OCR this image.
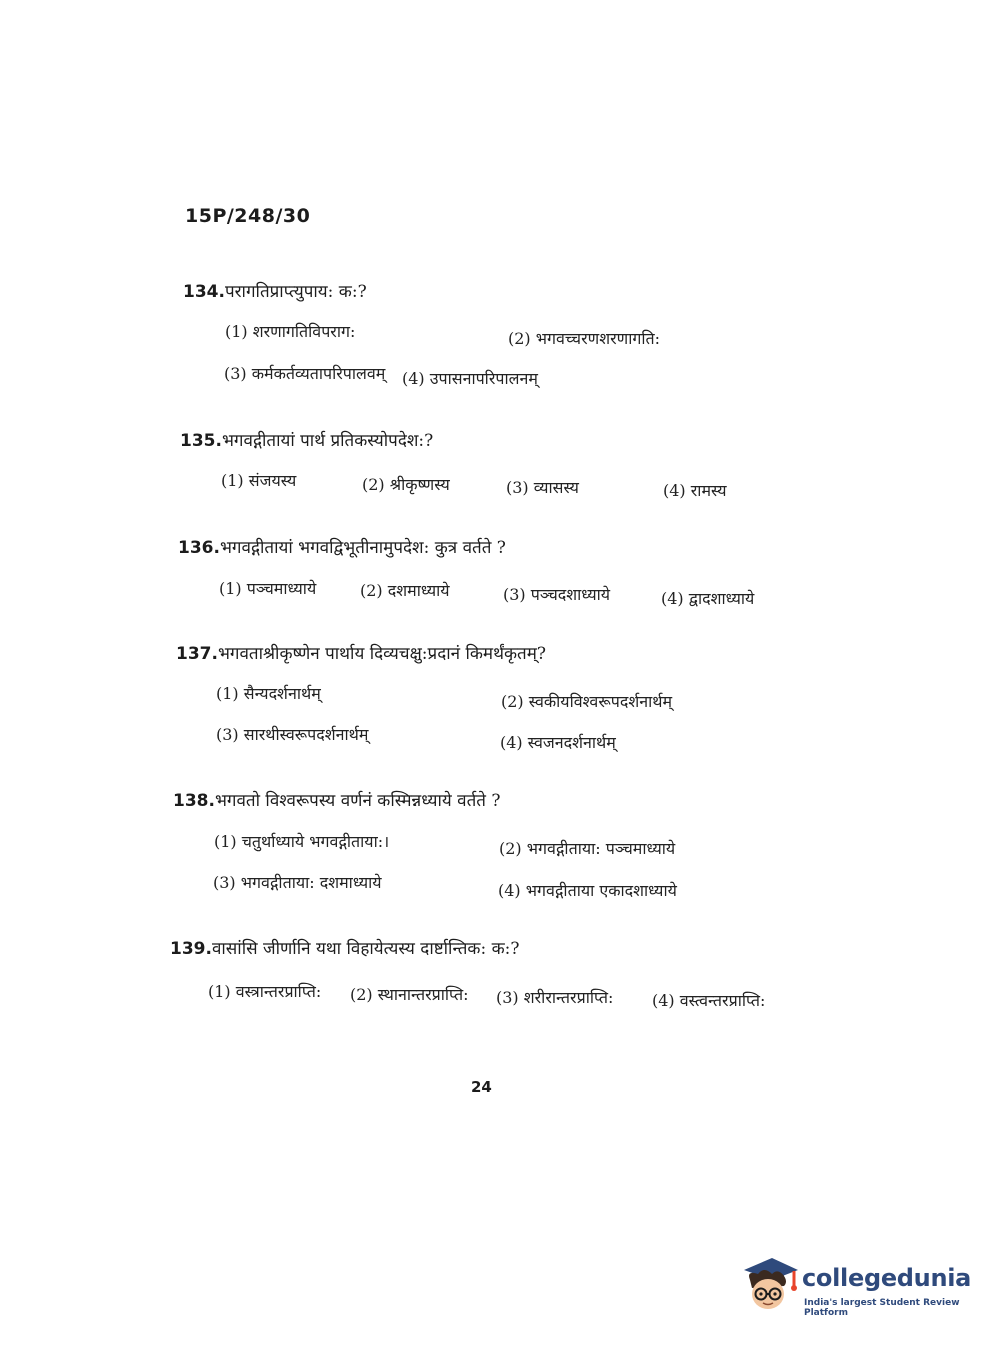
15P/248/30
134.परागतिप्राप्त्युपाय: क:?
(1) शरणागतिविपराग:	(2) भगवच्चरणशरणागति:
(3) कर्मकर्तव्यतापरिपालवम् (4) उपासनापरिपालनम्
135.भगवद्गीतायां पार्थ प्रतिकस्योपदेश:?
(1) संजयस्य	(2) श्रीकृष्णस्य	(3) व्यासस्य	(4) रामस्य
136.भगवद्गीतायां भगवद्विभूतीनामुपदेश: कुत्र वर्तते ?
(1) पञ्चमाध्याये	(2) दशमाध्याये	(3) पञ्चदशाध्याये	(4) द्वादशाध्याये
137.भगवताश्रीकृष्णेन पार्थाय दिव्यचक्षु:प्रदानं किमर्थंकृतम्?
(1) सैन्यदर्शनार्थम्	(2) स्वकीयविश्वरूपदर्शनार्थम्
(3) सारथीस्वरूपदर्शनार्थम्	(4) स्वजनदर्शनार्थम्
138.भगवतो विश्वरूपस्य वर्णनं कस्मिन्नध्याये वर्तते ?
(1) चतुर्थाध्याये भगवद्गीताया:।	(2) भगवद्गीताया: पञ्चमाध्याये
(3) भगवद्गीताया: दशमाध्याये	(4) भगवद्गीताया एकादशाध्याये
139.वासांसि जीर्णानि यथा विहायेत्यस्य दार्ष्टान्तिक: क:?
(1) वस्त्रान्तरप्राप्ति: (2) स्थानान्तरप्राप्ति: (3) शरीरान्तरप्राप्ति: (4) वस्त्वन्तरप्राप्ति:
24
collegedunia
India's largest Student Review Platform
